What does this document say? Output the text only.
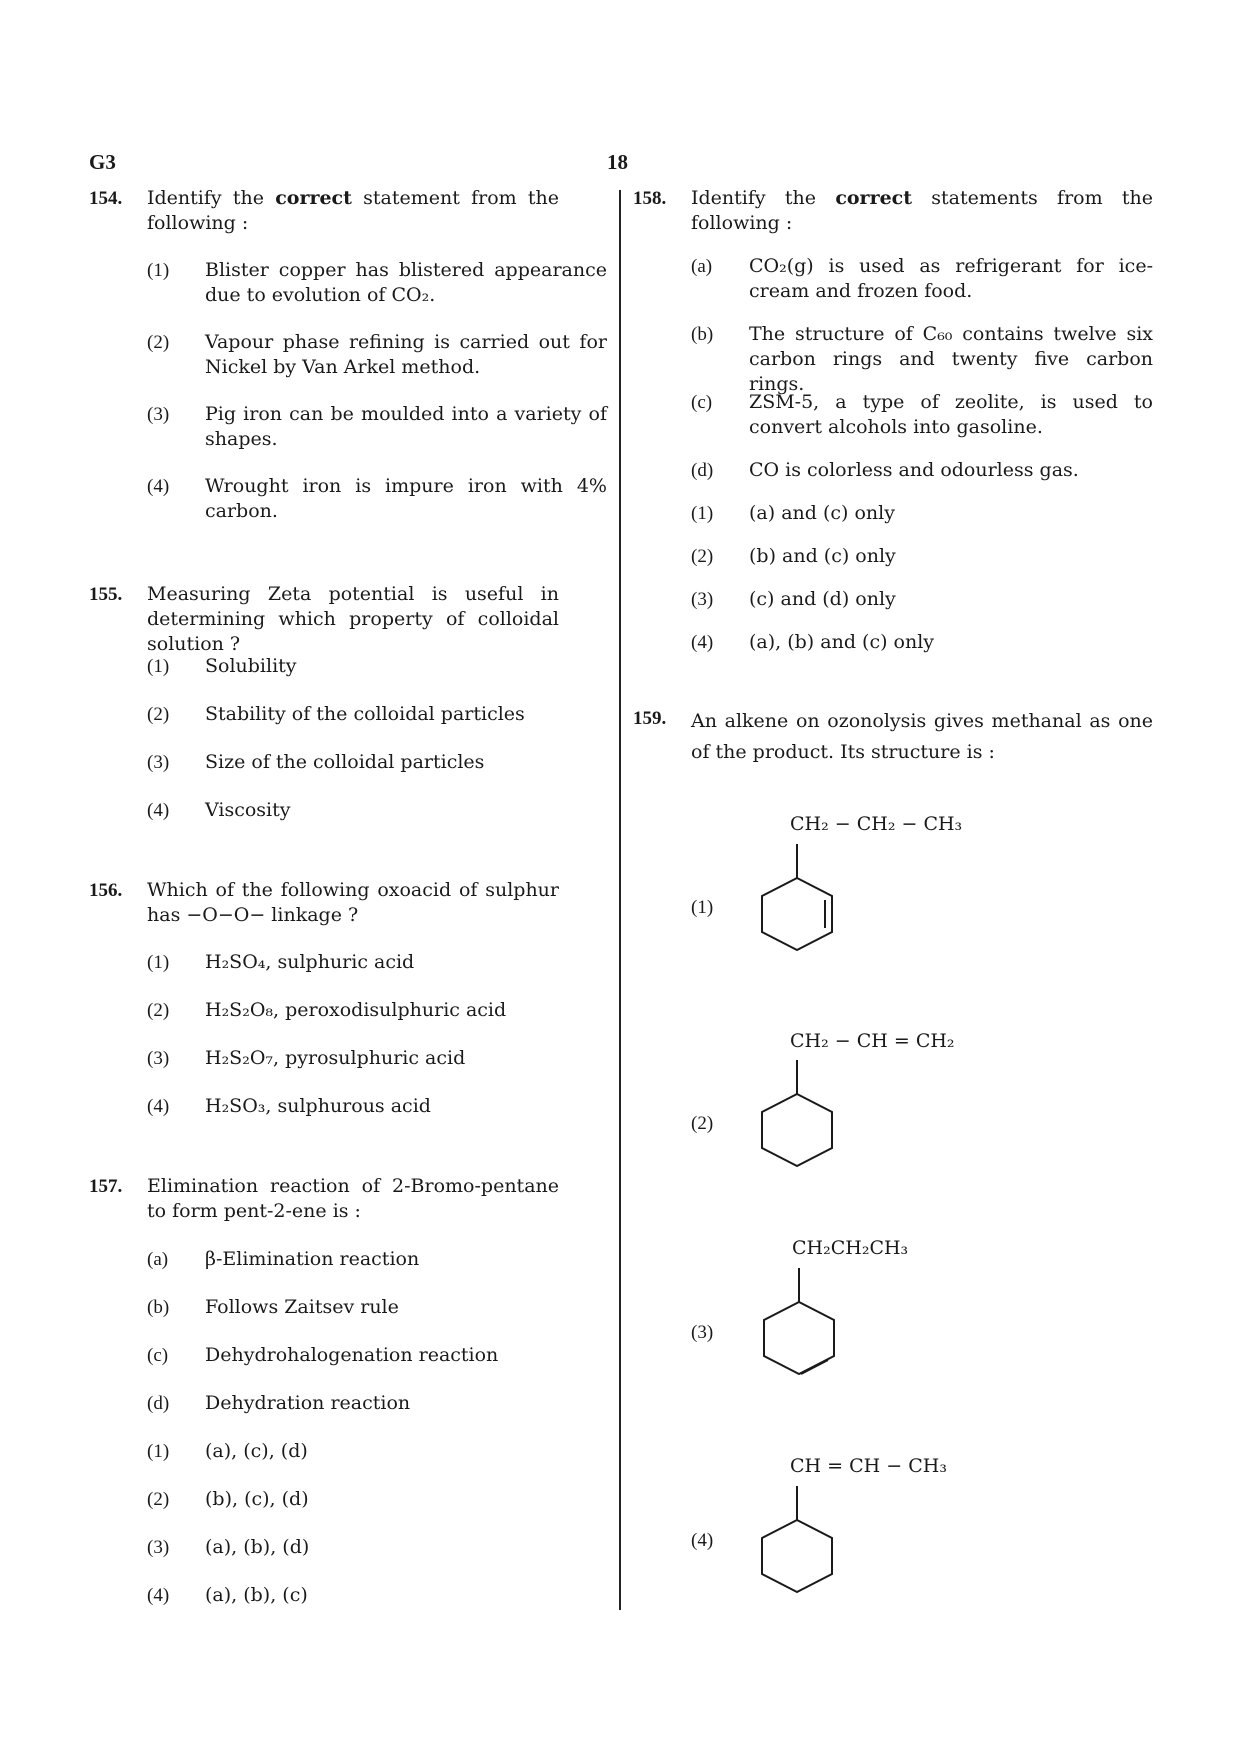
G3	18
154.	Identify the correct statement from the following :
(1)	Blister copper has blistered appearance due to evolution of CO₂.
(2)	Vapour phase refining is carried out for Nickel by Van Arkel method.
(3)	Pig iron can be moulded into a variety of shapes.
(4)	Wrought iron is impure iron with 4% carbon.
155.	Measuring Zeta potential is useful in determining which property of colloidal solution ?
(1)	Solubility
(2)	Stability of the colloidal particles
(3)	Size of the colloidal particles
(4)	Viscosity
156.	Which of the following oxoacid of sulphur has −O−O− linkage ?
(1)	H₂SO₄, sulphuric acid
(2)	H₂S₂O₈, peroxodisulphuric acid
(3)	H₂S₂O₇, pyrosulphuric acid
(4)	H₂SO₃, sulphurous acid
157.	Elimination reaction of 2-Bromo-pentane to form pent-2-ene is :
(a)	β-Elimination reaction
(b)	Follows Zaitsev rule
(c)	Dehydrohalogenation reaction
(d)	Dehydration reaction
(1)	(a), (c), (d)
(2)	(b), (c), (d)
(3)	(a), (b), (d)
(4)	(a), (b), (c)
158.	Identify the correct statements from the following :
(a)	CO₂(g) is used as refrigerant for ice-cream and frozen food.
(b)	The structure of C₆₀ contains twelve six carbon rings and twenty five carbon rings.
(c)	ZSM-5, a type of zeolite, is used to convert alcohols into gasoline.
(d)	CO is colorless and odourless gas.
(1)	(a) and (c) only
(2)	(b) and (c) only
(3)	(c) and (d) only
(4)	(a), (b) and (c) only
159.	An alkene on ozonolysis gives methanal as one of the product. Its structure is :
(1)
CH₂ − CH₂ − CH₃
(2)
CH₂ − CH = CH₂
(3)
CH₂CH₂CH₃
(4)
CH = CH − CH₃
